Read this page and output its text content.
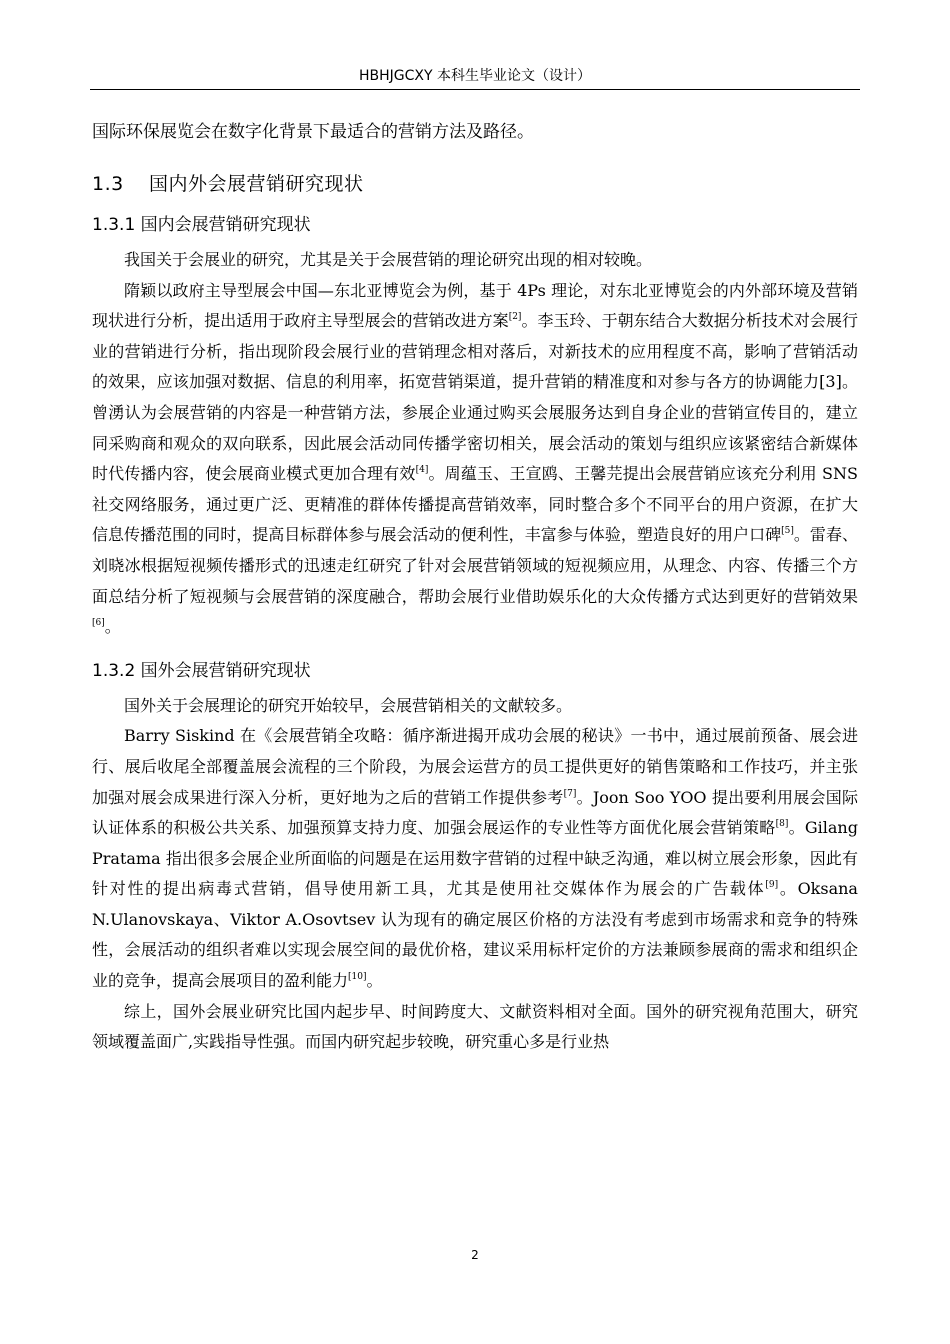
HBHJGCXY 本科生毕业论文（设计）

国际环保展览会在数字化背景下最适合的营销方法及路径。

1.3 国内外会展营销研究现状
1.3.1 国内会展营销研究现状

我国关于会展业的研究，尤其是关于会展营销的理论研究出现的相对较晚。

隋颖以政府主导型展会中国—东北亚博览会为例，基于 4Ps 理论，对东北亚博览会的内外部环境及营销现状进行分析，提出适用于政府主导型展会的营销改进方案[2]。李玉玲、于朝东结合大数据分析技术对会展行业的营销进行分析，指出现阶段会展行业的营销理念相对落后，对新技术的应用程度不高，影响了营销活动的效果，应该加强对数据、信息的利用率，拓宽营销渠道，提升营销的精准度和对参与各方的协调能力[3]。曾湧认为会展营销的内容是一种营销方法，参展企业通过购买会展服务达到自身企业的营销宣传目的，建立同采购商和观众的双向联系，因此展会活动同传播学密切相关，展会活动的策划与组织应该紧密结合新媒体时代传播内容，使会展商业模式更加合理有效[4]。周蕴玉、王宣鸥、王馨芫提出会展营销应该充分利用 SNS 社交网络服务，通过更广泛、更精准的群体传播提高营销效率，同时整合多个不同平台的用户资源，在扩大信息传播范围的同时，提高目标群体参与展会活动的便利性，丰富参与体验，塑造良好的用户口碑[5]。雷春、刘晓冰根据短视频传播形式的迅速走红研究了针对会展营销领域的短视频应用，从理念、内容、传播三个方面总结分析了短视频与会展营销的深度融合，帮助会展行业借助娱乐化的大众传播方式达到更好的营销效果[6]。

1.3.2 国外会展营销研究现状

国外关于会展理论的研究开始较早，会展营销相关的文献较多。

Barry Siskind 在《会展营销全攻略：循序渐进揭开成功会展的秘诀》一书中，通过展前预备、展会进行、展后收尾全部覆盖展会流程的三个阶段，为展会运营方的员工提供更好的销售策略和工作技巧，并主张加强对展会成果进行深入分析，更好地为之后的营销工作提供参考[7]。Joon Soo YOO 提出要利用展会国际认证体系的积极公共关系、加强预算支持力度、加强会展运作的专业性等方面优化展会营销策略[8]。Gilang Pratama 指出很多会展企业所面临的问题是在运用数字营销的过程中缺乏沟通，难以树立展会形象，因此有针对性的提出病毒式营销，倡导使用新工具，尤其是使用社交媒体作为展会的广告载体[9]。Oksana N.Ulanovskaya、Viktor A.Osovtsev 认为现有的确定展区价格的方法没有考虑到市场需求和竞争的特殊性，会展活动的组织者难以实现会展空间的最优价格，建议采用标杆定价的方法兼顾参展商的需求和组织企业的竞争，提高会展项目的盈利能力[10]。

综上，国外会展业研究比国内起步早、时间跨度大、文献资料相对全面。国外的研究视角范围大，研究领域覆盖面广,实践指导性强。而国内研究起步较晚，研究重心多是行业热

2
